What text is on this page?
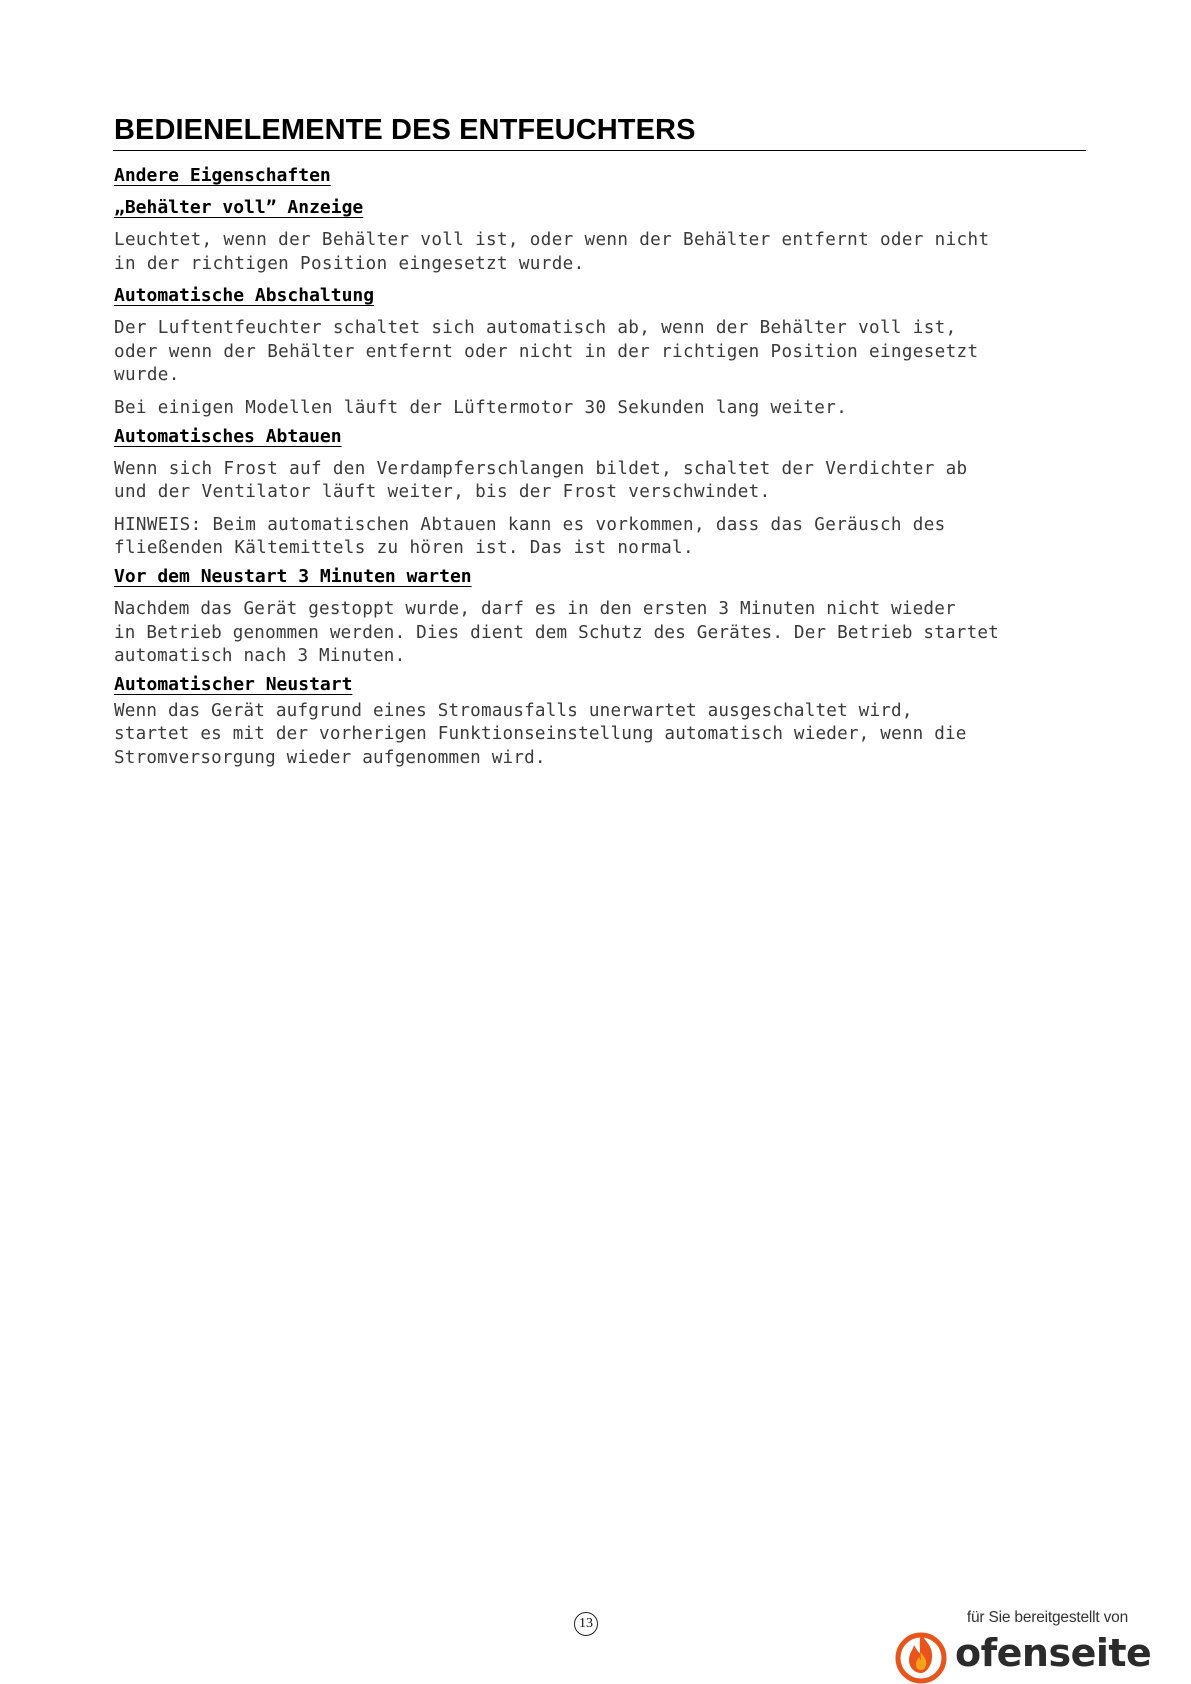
BEDIENELEMENTE DES ENTFEUCHTERS
Andere Eigenschaften
„Behälter voll” Anzeige

Leuchtet, wenn der Behälter voll ist, oder wenn der Behälter entfernt oder nicht
in der richtigen Position eingesetzt wurde.

Automatische Abschaltung

Der Luftentfeuchter schaltet sich automatisch ab, wenn der Behälter voll ist,
oder wenn der Behälter entfernt oder nicht in der richtigen Position eingesetzt
wurde.

Bei einigen Modellen läuft der Lüftermotor 30 Sekunden lang weiter.

Automatisches Abtauen

Wenn sich Frost auf den Verdampferschlangen bildet, schaltet der Verdichter ab
und der Ventilator läuft weiter, bis der Frost verschwindet.

HINWEIS: Beim automatischen Abtauen kann es vorkommen, dass das Geräusch des
fließenden Kältemittels zu hören ist. Das ist normal.

Vor dem Neustart 3 Minuten warten

Nachdem das Gerät gestoppt wurde, darf es in den ersten 3 Minuten nicht wieder
in Betrieb genommen werden. Dies dient dem Schutz des Gerätes. Der Betrieb startet
automatisch nach 3 Minuten.

Automatischer Neustart

Wenn das Gerät aufgrund eines Stromausfalls unerwartet ausgeschaltet wird,
startet es mit der vorherigen Funktionseinstellung automatisch wieder, wenn die
Stromversorgung wieder aufgenommen wird.

13	für Sie bereitgestellt von
ofenseite
